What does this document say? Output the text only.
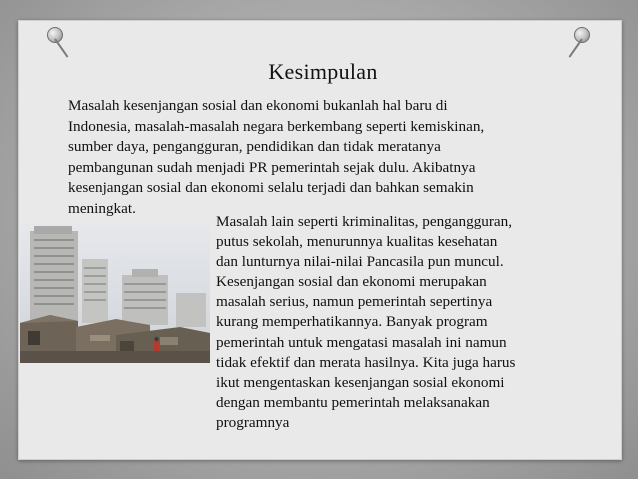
Kesimpulan
Masalah kesenjangan sosial dan ekonomi bukanlah hal baru di
Indonesia, masalah-masalah negara berkembang seperti kemiskinan,
sumber daya, pengangguran, pendidikan dan tidak meratanya
pembangunan sudah menjadi PR pemerintah sejak dulu. Akibatnya
kesenjangan sosial dan ekonomi selalu terjadi dan bahkan semakin
meningkat.
Masalah lain seperti kriminalitas, pengangguran,
putus sekolah, menurunnya kualitas kesehatan
dan lunturnya nilai-nilai Pancasila pun muncul.
Kesenjangan sosial dan ekonomi merupakan
masalah serius, namun pemerintah sepertinya
kurang memperhatikannya. Banyak program
pemerintah untuk mengatasi masalah ini namun
tidak efektif dan merata hasilnya. Kita juga harus
ikut mengentaskan kesenjangan sosial ekonomi
dengan membantu pemerintah melaksanakan
programnya
